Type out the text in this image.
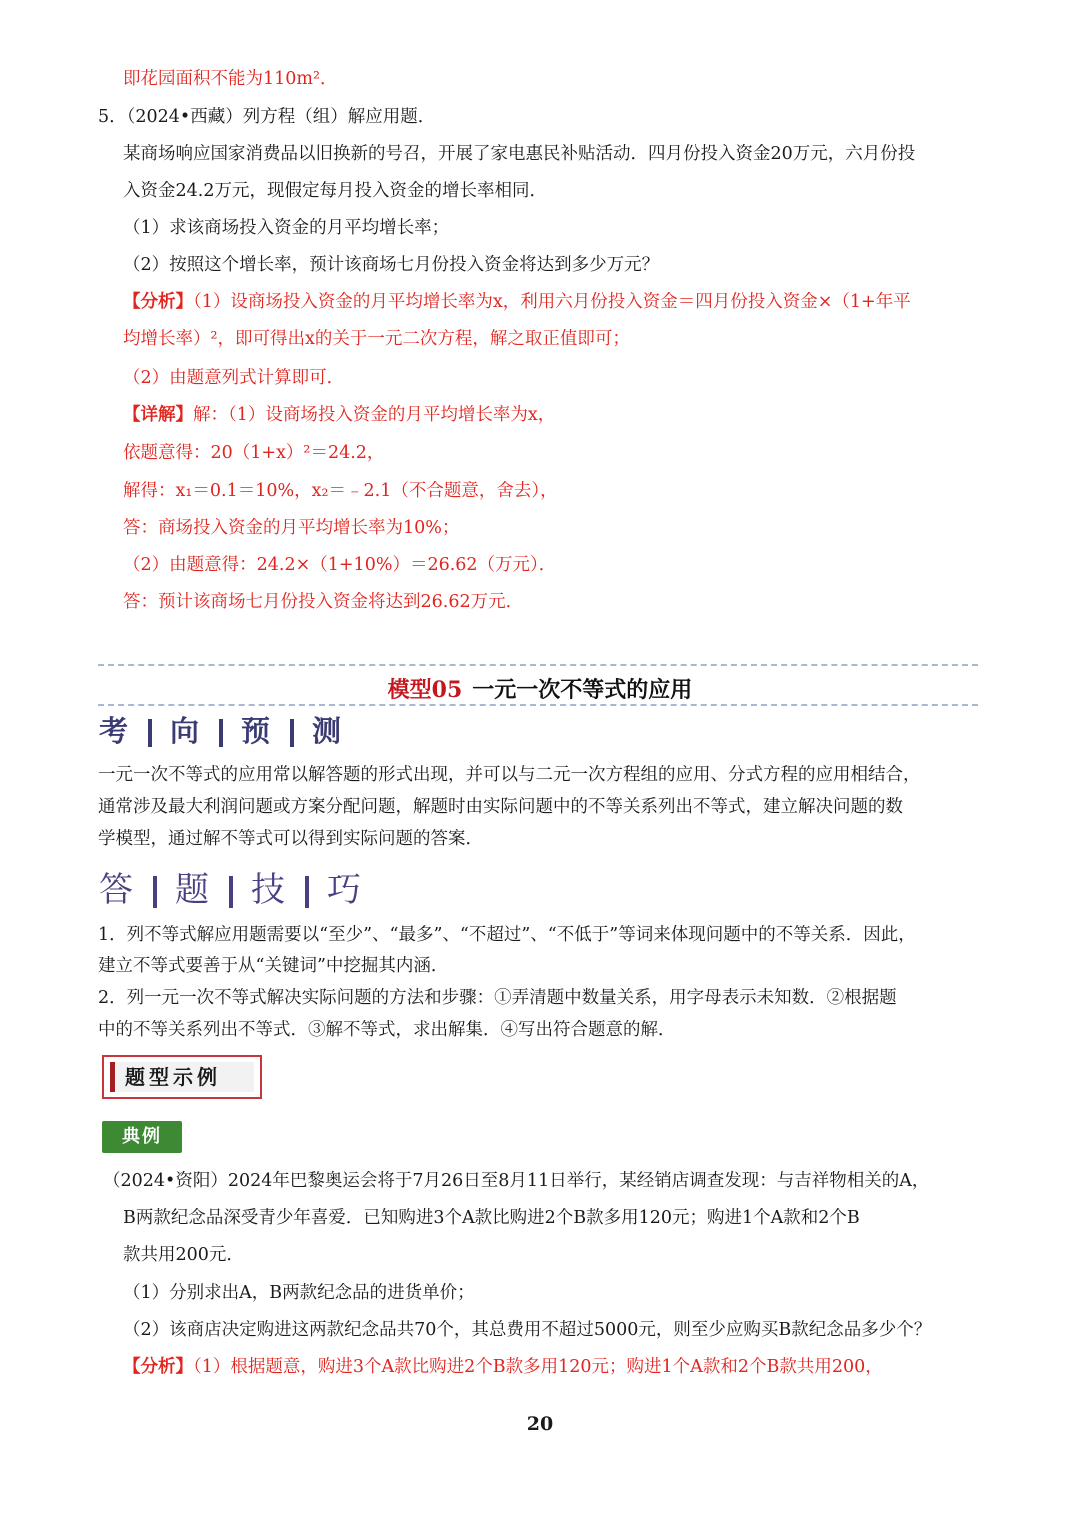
即花园面积不能为110m²．
5．（2024•西藏）列方程（组）解应用题．
某商场响应国家消费品以旧换新的号召，开展了家电惠民补贴活动．四月份投入资金20万元，六月份投
入资金24.2万元，现假定每月投入资金的增长率相同．
（1）求该商场投入资金的月平均增长率；
（2）按照这个增长率，预计该商场七月份投入资金将达到多少万元？
【分析】（1）设商场投入资金的月平均增长率为x，利用六月份投入资金＝四月份投入资金×（1+年平
均增长率）²，即可得出x的关于一元二次方程，解之取正值即可；
（2）由题意列式计算即可．
【详解】解：（1）设商场投入资金的月平均增长率为x，
依题意得：20（1+x）²＝24.2，
解得：x₁＝0.1＝10%，x₂＝﹣2.1（不合题意，舍去），
答：商场投入资金的月平均增长率为10%；
（2）由题意得：24.2×（1+10%）＝26.62（万元）．
答：预计该商场七月份投入资金将达到26.62万元．
模型05 一元一次不等式的应用
考 向 预 测
一元一次不等式的应用常以解答题的形式出现，并可以与二元一次方程组的应用、分式方程的应用相结合，
通常涉及最大利润问题或方案分配问题，解题时由实际问题中的不等关系列出不等式，建立解决问题的数
学模型，通过解不等式可以得到实际问题的答案．
答 题 技 巧
1．列不等式解应用题需要以“至少”、“最多”、“不超过”、“不低于”等词来体现问题中的不等关系．因此，
建立不等式要善于从“关键词”中挖掘其内涵．
2．列一元一次不等式解决实际问题的方法和步骤：①弄清题中数量关系，用字母表示未知数．②根据题
中的不等关系列出不等式．③解不等式，求出解集．④写出符合题意的解．
题型示例
典例
（2024•资阳）2024年巴黎奥运会将于7月26日至8月11日举行，某经销店调查发现：与吉祥物相关的A，
B两款纪念品深受青少年喜爱．已知购进3个A款比购进2个B款多用120元；购进1个A款和2个B
款共用200元．
（1）分别求出A，B两款纪念品的进货单价；
（2）该商店决定购进这两款纪念品共70个，其总费用不超过5000元，则至少应购买B款纪念品多少个？
【分析】（1）根据题意，购进3个A款比购进2个B款多用120元；购进1个A款和2个B款共用200，
20
